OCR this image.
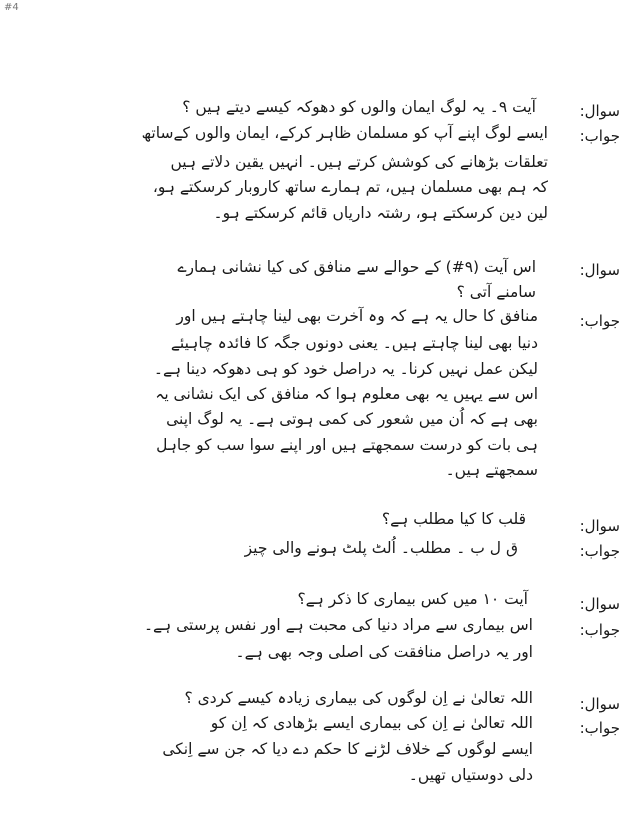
#4
سوال:
آیت ۹۔ یہ لوگ ایمان والوں کو دھوکہ کیسے دیتے ہیں ؟
جواب:
ایسے لوگ اپنے آپ کو مسلمان ظاہر کرکے، ایمان والوں کےساتھ
تعلقات بڑھانے کی کوشش کرتے ہیں۔ انہیں یقین دلاتے ہیں
کہ ہم بھی مسلمان ہیں، تم ہمارے ساتھ کاروبار کرسکتے ہو،
لین دین کرسکتے ہو، رشتہ داریاں قائم کرسکتے ہو۔
سوال:
اس آیت (۹#) کے حوالے سے منافق کی کیا نشانی ہمارے
سامنے آتی ؟
جواب:
منافق کا حال یہ ہے کہ وہ آخرت بھی لینا چاہتے ہیں اور
دنیا بھی لینا چاہتے ہیں۔ یعنی دونوں جگہ کا فائدہ چاہیئے
لیکن عمل نہیں کرنا۔ یہ دراصل خود کو ہی دھوکہ دینا ہے۔
اس سے یہیں یہ بھی معلوم ہوا کہ منافق کی ایک نشانی یہ
بھی ہے کہ اُن میں شعور کی کمی ہوتی ہے۔ یہ لوگ اپنی
ہی بات کو درست سمجھتے ہیں اور اپنے سوا سب کو جاہل
سمجھتے ہیں۔
سوال:
قلب کا کیا مطلب ہے؟
جواب:
ق ل ب ۔ مطلب۔ اُلٹ پلٹ ہونے والی چیز
سوال:
آیت ۱۰ میں کس بیماری کا ذکر ہے؟
جواب:
اس بیماری سے مراد دنیا کی محبت ہے اور نفس پرستی ہے۔
اور یہ دراصل منافقت کی اصلی وجہ بھی ہے۔
سوال:
اللہ تعالیٰ نے اِن لوگوں کی بیماری زیادہ کیسے کردی ؟
جواب:
اللہ تعالیٰ نے اِن کی بیماری ایسے بڑھادی کہ اِن کو
ایسے لوگوں کے خلاف لڑنے کا حکم دے دیا کہ جن سے اِنکی
دلی دوستیاں تھیں۔
